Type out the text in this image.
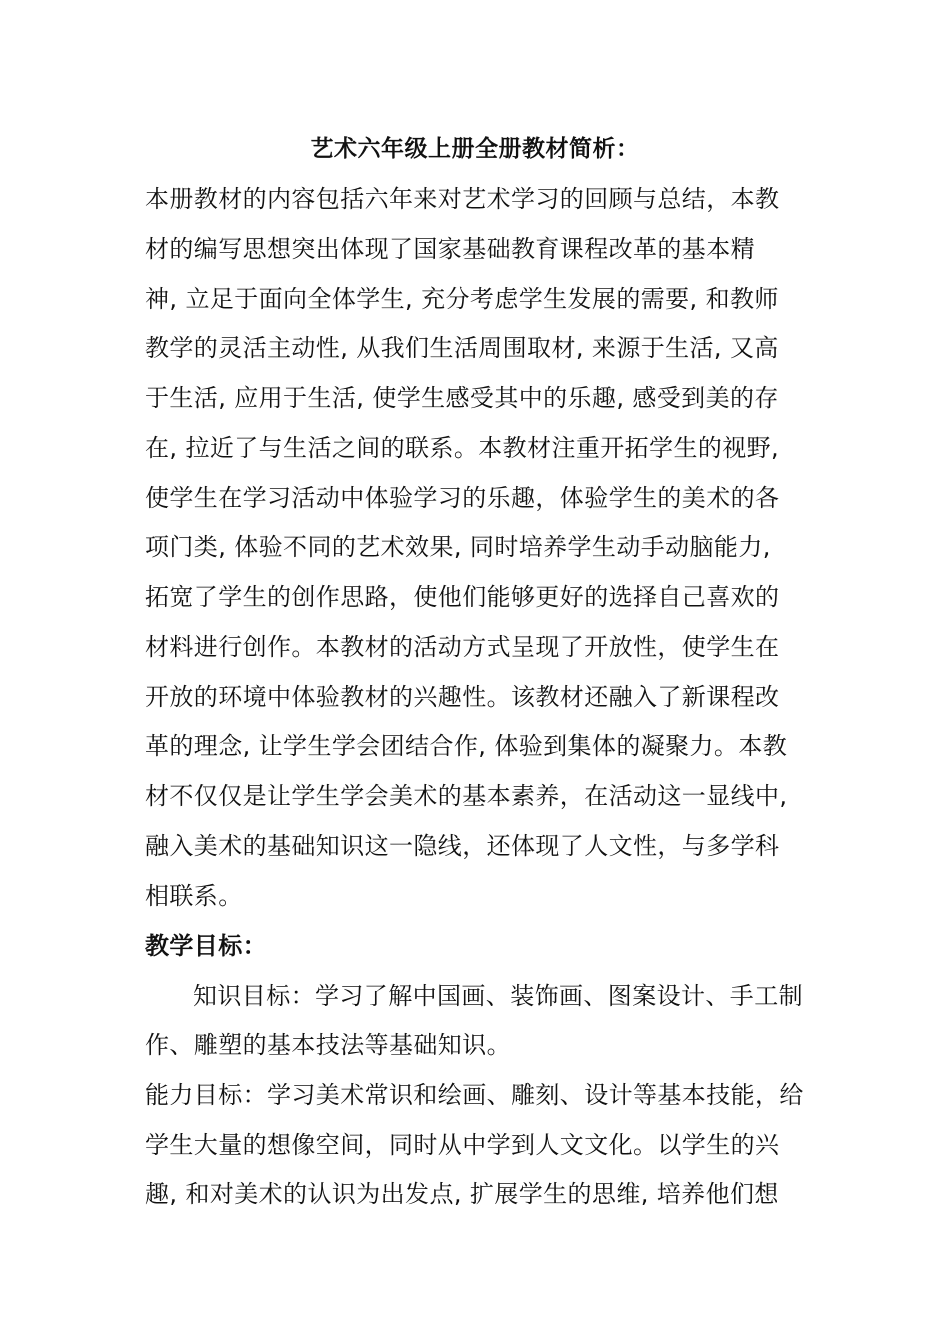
艺术六年级上册全册教材简析：
本册教材的内容包括六年来对艺术学习的回顾与总结，本教
材的编写思想突出体现了国家基础教育课程改革的基本精
神, 立足于面向全体学生, 充分考虑学生发展的需要, 和教师
教学的灵活主动性, 从我们生活周围取材, 来源于生活, 又高
于生活, 应用于生活, 使学生感受其中的乐趣, 感受到美的存
在, 拉近了与生活之间的联系。本教材注重开拓学生的视野,
使学生在学习活动中体验学习的乐趣，体验学生的美术的各
项门类, 体验不同的艺术效果, 同时培养学生动手动脑能力,
拓宽了学生的创作思路，使他们能够更好的选择自己喜欢的
材料进行创作。本教材的活动方式呈现了开放性，使学生在
开放的环境中体验教材的兴趣性。该教材还融入了新课程改
革的理念, 让学生学会团结合作, 体验到集体的凝聚力。本教
材不仅仅是让学生学会美术的基本素养，在活动这一显线中,
融入美术的基础知识这一隐线，还体现了人文性，与多学科
相联系。
教学目标：
知识目标：学习了解中国画、装饰画、图案设计、手工制
作、雕塑的基本技法等基础知识。
能力目标：学习美术常识和绘画、雕刻、设计等基本技能，给
学生大量的想像空间，同时从中学到人文文化。以学生的兴
趣, 和对美术的认识为出发点, 扩展学生的思维, 培养他们想
